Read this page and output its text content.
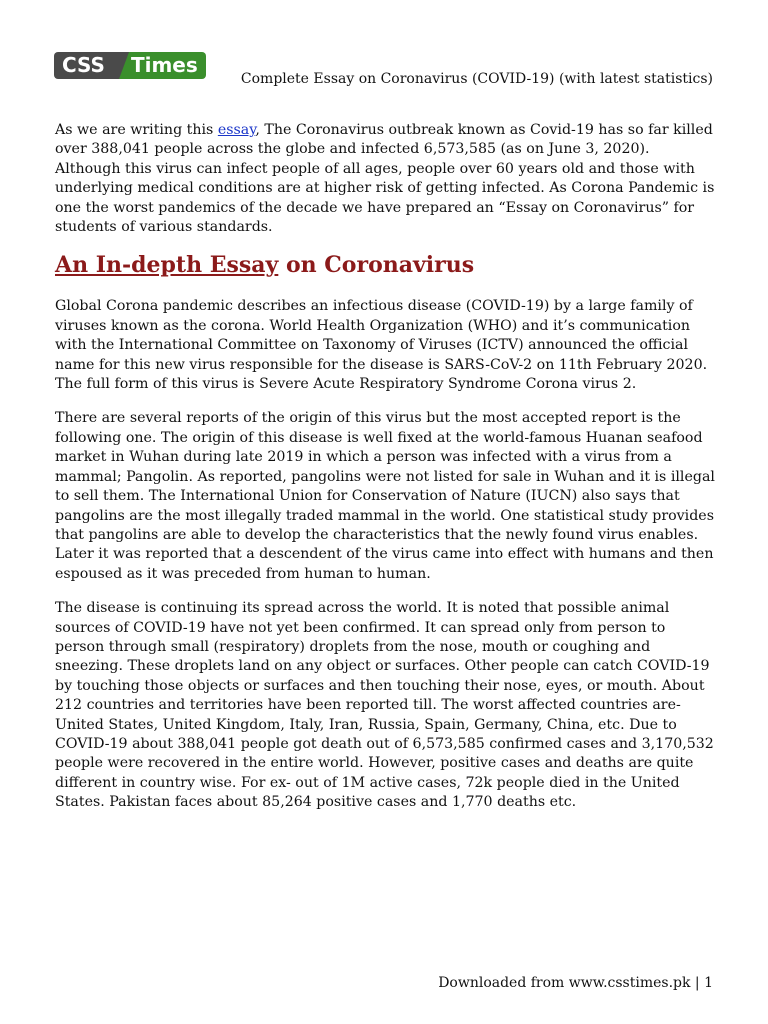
CSS	Times
Complete Essay on Coronavirus (COVID-19) (with latest statistics)

As we are writing this essay, The Coronavirus outbreak known as Covid-19 has so far killed over 388,041 people across the globe and infected 6,573,585 (as on June 3, 2020). Although this virus can infect people of all ages, people over 60 years old and those with underlying medical conditions are at higher risk of getting infected. As Corona Pandemic is one the worst pandemics of the decade we have prepared an “Essay on Coronavirus” for students of various standards.

An In-depth Essay on Coronavirus

Global Corona pandemic describes an infectious disease (COVID-19) by a large family of viruses known as the corona. World Health Organization (WHO) and it’s communication with the International Committee on Taxonomy of Viruses (ICTV) announced the official name for this new virus responsible for the disease is SARS-CoV-2 on 11th February 2020. The full form of this virus is Severe Acute Respiratory Syndrome Corona virus 2.

There are several reports of the origin of this virus but the most accepted report is the following one. The origin of this disease is well fixed at the world-famous Huanan seafood market in Wuhan during late 2019 in which a person was infected with a virus from a mammal; Pangolin. As reported, pangolins were not listed for sale in Wuhan and it is illegal to sell them. The International Union for Conservation of Nature (IUCN) also says that pangolins are the most illegally traded mammal in the world. One statistical study provides that pangolins are able to develop the characteristics that the newly found virus enables. Later it was reported that a descendent of the virus came into effect with humans and then espoused as it was preceded from human to human.

The disease is continuing its spread across the world. It is noted that possible animal sources of COVID-19 have not yet been confirmed. It can spread only from person to person through small (respiratory) droplets from the nose, mouth or coughing and sneezing. These droplets land on any object or surfaces. Other people can catch COVID-19 by touching those objects or surfaces and then touching their nose, eyes, or mouth. About 212 countries and territories have been reported till. The worst affected countries are- United States, United Kingdom, Italy, Iran, Russia, Spain, Germany, China, etc. Due to COVID-19 about 388,041 people got death out of 6,573,585 confirmed cases and 3,170,532 people were recovered in the entire world. However, positive cases and deaths are quite different in country wise. For ex- out of 1M active cases, 72k people died in the United States. Pakistan faces about 85,264 positive cases and 1,770 deaths etc.

Downloaded from www.csstimes.pk | 1
